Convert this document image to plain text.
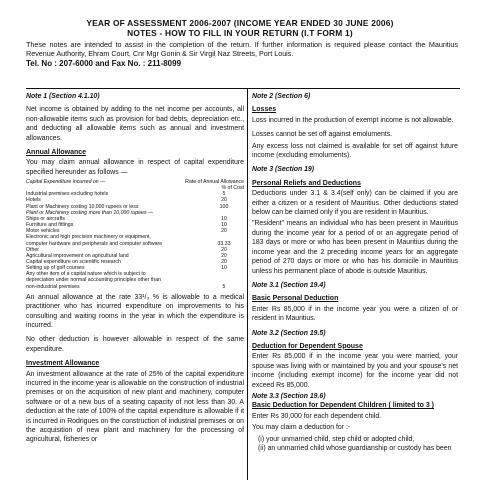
YEAR OF ASSESSMENT 2006-2007 (INCOME YEAR ENDED 30 JUNE 2006)
NOTES - HOW TO FILL IN YOUR RETURN (I.T FORM 1)
These notes are intended to assist in the completion of the return. If further information is required please contact the Mauritius Revenue Authority, Ehram Court, Cnr Mgr Gonin & Sir Virgil Naz Streets, Port Louis.
Tel. No : 207-6000 and Fax No. : 211-8099
Note 1 (Section 4.1.10)

Net income is obtained by adding to the net income per accounts, all non-allowable items such as provision for bad debts, depreciation etc., and deducting all allowable items such as annual and investment allowances.

Annual Allowance

You may claim annual allowance in respect of capital expenditure specified hereunder as follows —

Capital Expenditure incurred on —	Rate of Annual Allowance
% of Cost
Industrial premises excluding hotels	5
Hotels	20
Plant or Machinery costing 10,000 rupees or less	100
Plant or Machinery costing more than 10,000 rupees —
Ships or aircrafts	10
Furniture and fittings	10
Motor vehicles	20
Electronic and high precision machinery or equipment,
computer hardware and peripherals and computer software	33.33
Other	20
Agricultural improvement on agricultural land	20
Capital expenditure on scientific research	20
Setting up of golf courses	10
Any other item of a capital nature which is subject to
depreciation under normal accounting principles other than
non-industrial premises	5

An annual allowance at the rate 33¹/₃ % is allowable to a medical practitioner who has incurred expenditure on improvements to his consulting and waiting rooms in the year in which the expenditure is incurred.

No other deduction is however allowable in respect of the same expenditure.

Investment Allowance

An investment allowance at the rate of 25% of the capital expenditure incurred in the income year is allowable on the construction of industrial premises or on the acquisition of new plant and machinery, computer software or of a new bus of a seating capacity of not less than 30. A deduction at the rate of 100% of the capital expenditure is allowable if it is incurred in Rodrigues on the construction of industrial premises or on the acquisition of new plant and machinery for the processing of agricultural, fisheries or

Note 2 (Section 6)
Losses

Loss incurred in the production of exempt income is not allowable.

Losses cannot be set off against emoluments.

Any excess loss not claimed is available for set off against future income (excluding emoluments).

Note 3 (Section 19)
Personal Reliefs and Deductions

Deductions under 3.1 & 3.4(self only) can be claimed if you are either a citizen or a resident of Mauritius. Other deductions stated below can be claimed only if you are resident in Mauritius.

"Resident" means an individual who has been present in Mauritius during the income year for a period of or an aggregate period of 183 days or more or who has been present in Mauritius during the income year and the 2 preceding income years for an aggregate period of 270 days or more or who has his domicile in Mauritius unless his permanent place of abode is outside Mauritius.

Note 3.1 (Section 19.4)
Basic Personal Deduction

Enter Rs 85,000 if in the income year you were a citizen of or resident in Mauritius.

Note 3.2 (Section 19.5)
Deduction for Dependent Spouse

Enter Rs 85,000 if in the income year you were married, your spouse was living with or maintained by you and your spouse's net income (including exempt income) for the income year did not exceed Rs 85,000.

Note 3.3 (Section 19.6)
Basic Deduction for Dependent Children ( limited to 3 )

Enter Rs 30,000 for each dependent child.

You may claim a deduction for :-

(i) your unmarried child, step child or adopted child,
(ii) an unmarried child whose guardianship or custody has been
